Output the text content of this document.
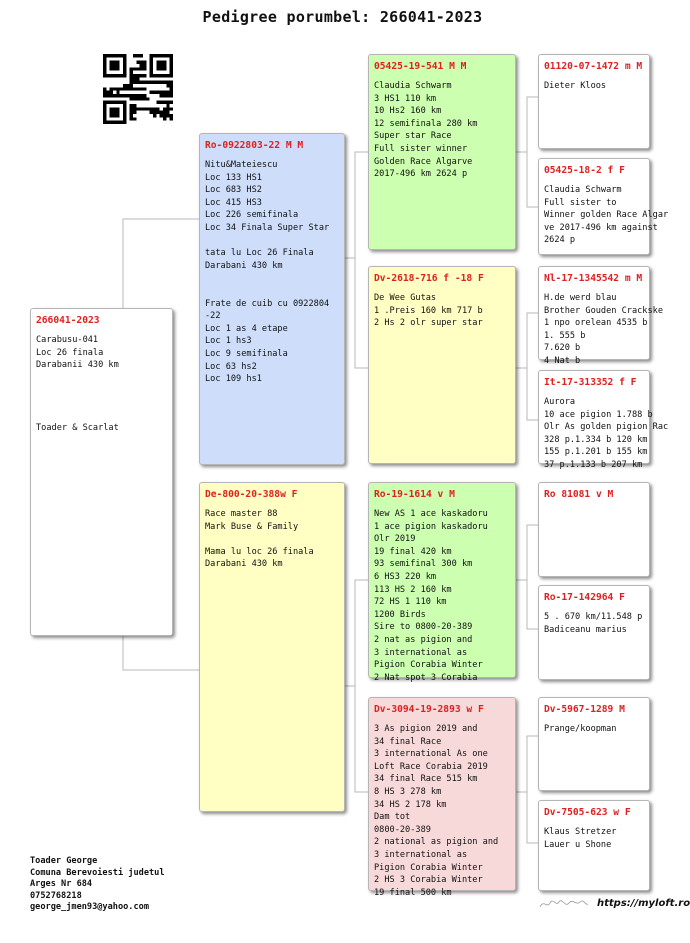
Pedigree porumbel: 266041-2023
266041-2023
Carabusu-041
Loc 26 finala
Darabanii 430 km

Toader & Scarlat
Ro-0922803-22 M M
Nitu&Mateiescu
Loc 133 HS1
Loc 683 HS2
Loc 415 HS3
Loc 226 semifinala
Loc 34 Finala Super Star

tata lu Loc 26 Finala
Darabani 430 km

Frate de cuib cu 0922804
-22
Loc 1 as 4 etape
Loc 1 hs3
Loc 9 semifinala
Loc 63 hs2
Loc 109 hs1
De-800-20-388w F
Race master 88
Mark Buse & Family

Mama lu loc 26 finala
Darabani 430 km
05425-19-541 M M
Claudia Schwarm
3 HS1 110 km
10 Hs2 160 km
12 semifinala 280 km
Super star Race
Full sister winner
Golden Race Algarve
2017-496 km 2624 p
Dv-2618-716 f -18 F
De Wee Gutas
1 .Preis 160 km 717 b
2 Hs 2 olr super star
Ro-19-1614 v M
New AS 1 ace kaskadoru
1 ace pigion kaskadoru
Olr 2019
19 final 420 km
93 semifinal 300 km
6 HS3 220 km
113 HS 2 160 km
72 HS 1 110 km
1200 Birds
Sire to 0800-20-389
2 nat as pigion and
3 international as
Pigion Corabia Winter
2 Nat spot 3 Corabia
Dv-3094-19-2893 w F
3 As pigion 2019 and
34 final Race
3 international As one
Loft Race Corabia 2019
34 final Race 515 km
8 HS 3 278 km
34 HS 2 178 km
Dam tot
0800-20-389
2 national as pigion and
3 international as
Pigion Corabia Winter
2 HS 3 Corabia Winter
19 final 500 km
01120-07-1472 m M
Dieter Kloos
05425-18-2 f F
Claudia Schwarm
Full sister to
Winner golden Race Algar
ve 2017-496 km against
2624 p
Nl-17-1345542 m M
H.de werd blau
Brother Gouden Crackske
1 npo orelean 4535 b
1. 555 b
7.620 b
4 Nat b
It-17-313352 f F
Aurora
10 ace pigion 1.788 b
Olr As golden pigion Rac
328 p.1.334 b 120 km
155 p.1.201 b 155 km
37 p.1.133 b 207 km
Ro 81081 v M
Ro-17-142964 F
5 . 670 km/11.548 p
Badiceanu marius
Dv-5967-1289 M
Prange/koopman
Dv-7505-623 w F
Klaus Stretzer
Lauer u Shone
Toader George
Comuna Berevoiesti judetul
Arges Nr 684
0752768218
george_jmen93@yahoo.com	https://myloft.ro
